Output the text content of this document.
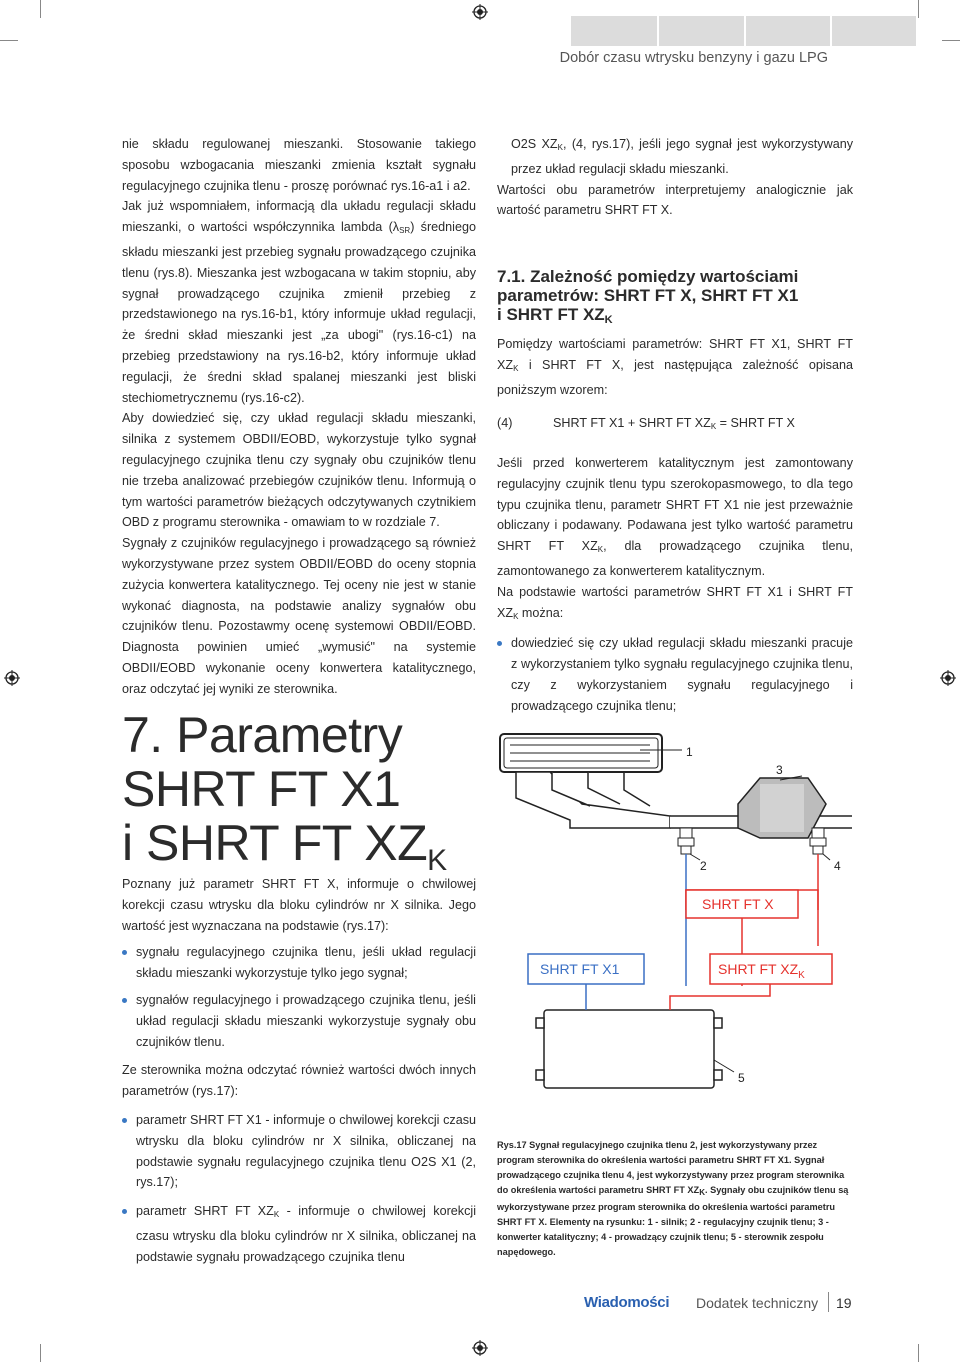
Dobór czasu wtrysku benzyny i gazu LPG

nie składu regulowanej mieszanki. Stosowanie takiego sposobu wzbogacania mieszanki zmienia kształt sygnału regulacyjnego czujnika tlenu - proszę porównać rys.16-a1 i a2.

Jak już wspomniałem, informacją dla układu regulacji składu mieszanki, o wartości współczynnika lambda $(\lambda_{SR})$ średniego składu mieszanki jest przebieg sygnału prowadzącego czujnika tlenu (rys.8). Mieszanka jest wzbogacana w takim stopniu, aby sygnał prowadzącego czujnika zmienił przebieg z przedstawionego na rys.16-b1, który informuje układ regulacji, że średni skład mieszanki jest „za ubogi" (rys.16-c1) na przebieg przedstawiony na rys.16-b2, który informuje układ regulacji, że średni skład spalanej mieszanki jest bliski stechiometrycznemu (rys.16-c2).

Aby dowiedzieć się, czy układ regulacji składu mieszanki, silnika z systemem OBDII/EOBD, wykorzystuje tylko sygnał regulacyjnego czujnika tlenu czy sygnały obu czujników tlenu nie trzeba analizować przebiegów czujników tlenu. Informują o tym wartości parametrów bieżących odczytywanych czytnikiem OBD z programu sterownika - omawiam to w rozdziale 7.

Sygnały z czujników regulacyjnego i prowadzącego są również wykorzystywane przez system OBDII/EOBD do oceny stopnia zużycia konwertera katalitycznego. Tej oceny nie jest w stanie wykonać diagnosta, na podstawie analizy sygnałów obu czujników tlenu. Pozostawmy ocenę systemowi OBDII/EOBD. Diagnosta powinien umieć „wymusić" na systemie OBDII/EOBD wykonanie oceny konwertera katalitycznego, oraz odczytać jej wyniki ze sterownika.

7. Parametry
SHRT FT X1
i SHRT FT $XZ_K$

Poznany już parametr SHRT FT X, informuje o chwilowej korekcji czasu wtrysku dla bloku cylindrów nr X silnika. Jego wartość jest wyznaczana na podstawie (rys.17):

sygnału regulacyjnego czujnika tlenu, jeśli układ regulacji składu mieszanki wykorzystuje tylko jego sygnał;
sygnałów regulacyjnego i prowadzącego czujnika tlenu, jeśli układ regulacji składu mieszanki wykorzystuje sygnały obu czujników tlenu.

Ze sterownika można odczytać również wartości dwóch innych parametrów (rys.17):

parametr SHRT FT X1 - informuje o chwilowej korekcji czasu wtrysku dla bloku cylindrów nr X silnika, obliczanej na podstawie sygnału regulacyjnego czujnika tlenu O2S X1 (2, rys.17);
parametr SHRT FT $XZ_K$ - informuje o chwilowej korekcji czasu wtrysku dla bloku cylindrów nr X silnika, obliczanej na podstawie sygnału prowadzącego czujnika tlenu

O2S $XZ_K$, (4, rys.17), jeśli jego sygnał jest wykorzystywany przez układ regulacji składu mieszanki.

Wartości obu parametrów interpretujemy analogicznie jak wartość parametru SHRT FT X.

7.1. Zależność pomiędzy wartościami
parametrów: SHRT FT X, SHRT FT X1
i SHRT FT $XZ_K$

Pomiędzy wartościami parametrów: SHRT FT X1, SHRT FT $XZ_K$ i SHRT FT X, jest następująca zależność opisana poniższym wzorem:

(4)	SHRT FT X1 + SHRT FT $XZ_K$ = SHRT FT X

Jeśli przed konwerterem katalitycznym jest zamontowany regulacyjny czujnik tlenu typu szerokopasmowego, to dla tego typu czujnika tlenu, parametr SHRT FT X1 nie jest przeważnie obliczany i podawany. Podawana jest tylko wartość parametru SHRT FT $XZ_K$, dla prowadzącego czujnika tlenu, zamontowanego za konwerterem katalitycznym.

Na podstawie wartości parametrów SHRT FT X1 i SHRT FT $XZ_K$ można:

dowiedzieć się czy układ regulacji składu mieszanki pracuje z wykorzystaniem tylko sygnału regulacyjnego czujnika tlenu, czy z wykorzystaniem sygnału regulacyjnego i prowadzącego czujnika tlenu;
1
3
2	4
SHRT FT X
SHRT FT X1	SHRT FT $XZ_K$
5
Rys.17 Sygnał regulacyjnego czujnika tlenu 2, jest wykorzystywany przez program sterownika do określenia wartości parametru SHRT FT X1. Sygnał prowadzącego czujnika tlenu 4, jest wykorzystywany przez program sterownika do określenia wartości parametru SHRT FT $XZ_K$. Sygnały obu czujników tlenu są wykorzystywane przez program sterownika do określenia wartości parametru SHRT FT X. Elementy na rysunku: 1 - silnik; 2 - regulacyjny czujnik tlenu; 3 - konwerter katalityczny; 4 - prowadzący czujnik tlenu; 5 - sterownik zespołu napędowego.
Wiadomości Dodatek techniczny 19
